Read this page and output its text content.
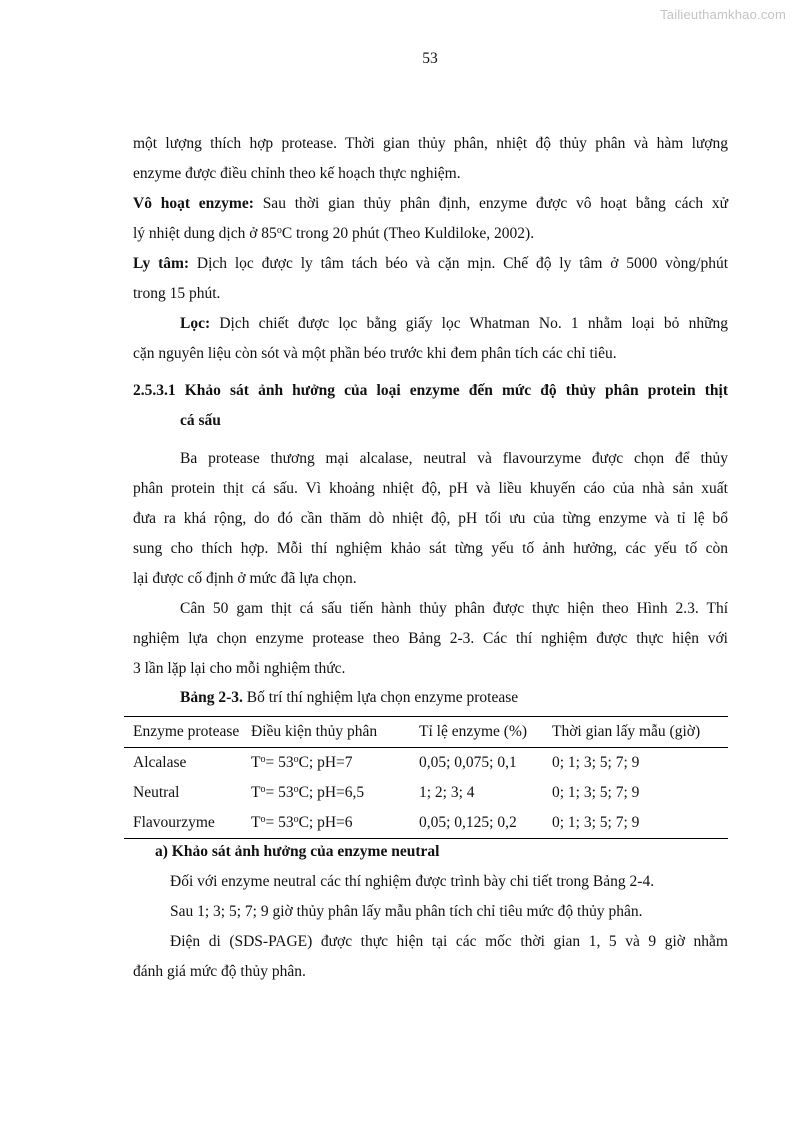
Tailieuthamkhao.com
53
một lượng thích hợp protease. Thời gian thủy phân, nhiệt độ thủy phân và hàm lượng
enzyme được điều chỉnh theo kế hoạch thực nghiệm.
Vô hoạt enzyme: Sau thời gian thủy phân định, enzyme được vô hoạt bằng cách xử
lý nhiệt dung dịch ở 85$^o$C trong 20 phút (Theo Kuldiloke, 2002).
Ly tâm: Dịch lọc được ly tâm tách béo và cặn mịn. Chế độ ly tâm ở 5000 vòng/phút
trong 15 phút.
Lọc: Dịch chiết được lọc bằng giấy lọc Whatman No. 1 nhằm loại bỏ những
cặn nguyên liệu còn sót và một phần béo trước khi đem phân tích các chỉ tiêu.
2.5.3.1 Khảo sát ảnh hưởng của loại enzyme đến mức độ thủy phân protein thịt
cá sấu
Ba protease thương mại alcalase, neutral và flavourzyme được chọn để thủy
phân protein thịt cá sấu. Vì khoảng nhiệt độ, pH và liều khuyến cáo của nhà sản xuất
đưa ra khá rộng, do đó cần thăm dò nhiệt độ, pH tối ưu của từng enzyme và tỉ lệ bổ
sung cho thích hợp. Mỗi thí nghiệm khảo sát từng yếu tố ảnh hưởng, các yếu tố còn
lại được cố định ở mức đã lựa chọn.
Cân 50 gam thịt cá sấu tiến hành thủy phân được thực hiện theo Hình 2.3. Thí
nghiệm lựa chọn enzyme protease theo Bảng 2-3. Các thí nghiệm được thực hiện với
3 lần lặp lại cho mỗi nghiệm thức.
Bảng 2-3. Bố trí thí nghiệm lựa chọn enzyme protease
Enzyme protease	Điều kiện thủy phân	Tỉ lệ enzyme (%)	Thời gian lấy mẫu (giờ)
Alcalase	$T^o= 53^oC$; pH=7	0,05; 0,075; 0,1	0; 1; 3; 5; 7; 9
Neutral	$T^o= 53^oC$; pH=6,5	1; 2; 3; 4	0; 1; 3; 5; 7; 9
Flavourzyme	$T^o= 53^oC$; pH=6	0,05; 0,125; 0,2	0; 1; 3; 5; 7; 9
a) Khảo sát ảnh hưởng của enzyme neutral
Đối với enzyme neutral các thí nghiệm được trình bày chi tiết trong Bảng 2-4.
Sau 1; 3; 5; 7; 9 giờ thủy phân lấy mẫu phân tích chỉ tiêu mức độ thủy phân.
Điện di (SDS-PAGE) được thực hiện tại các mốc thời gian 1, 5 và 9 giờ nhằm
đánh giá mức độ thủy phân.
